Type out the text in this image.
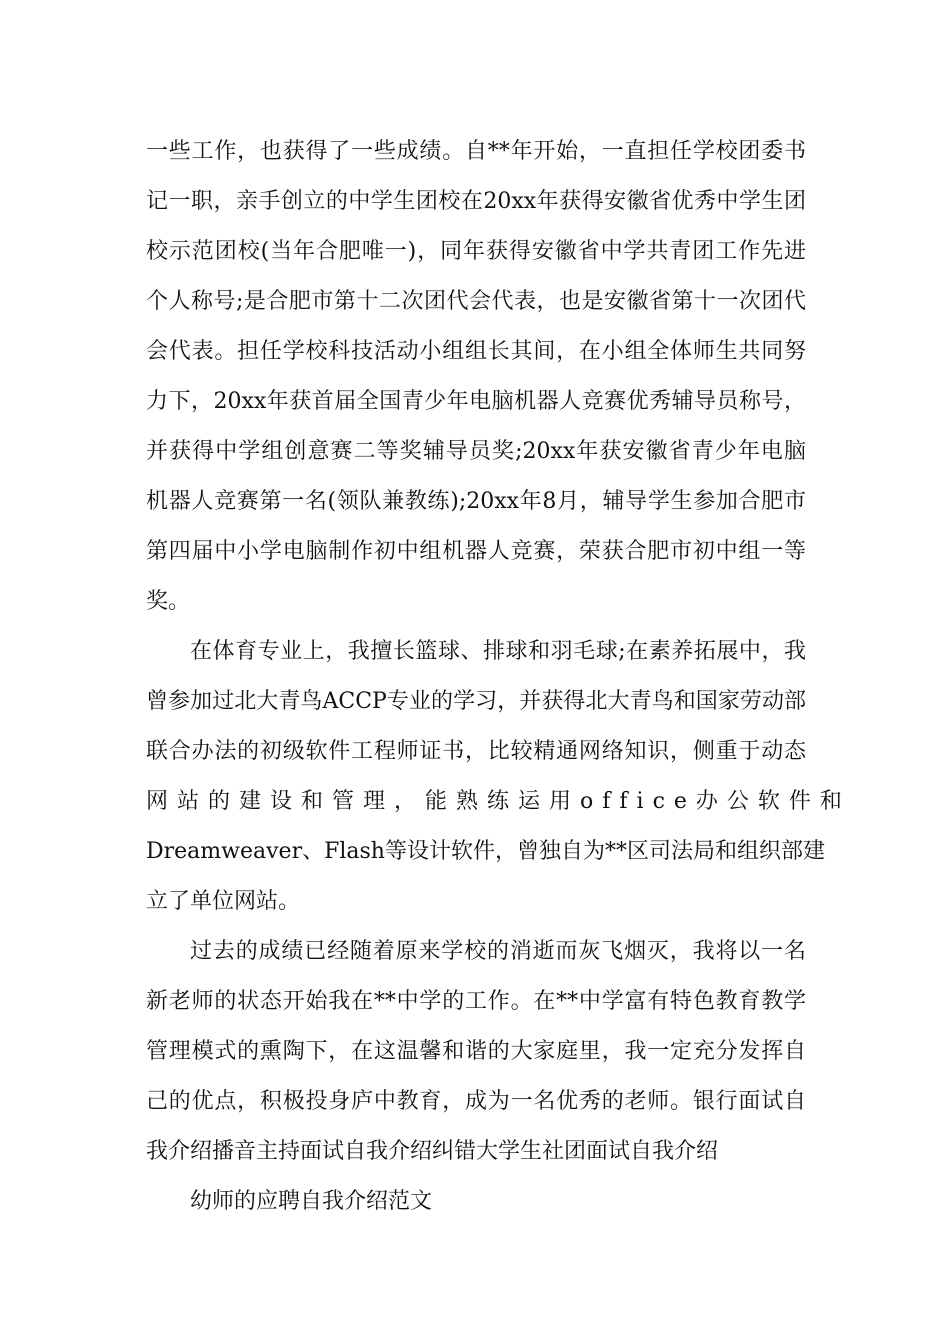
一些工作，也获得了一些成绩。自**年开始，一直担任学校团委书
记一职，亲手创立的中学生团校在20xx年获得安徽省优秀中学生团
校示范团校(当年合肥唯一)，同年获得安徽省中学共青团工作先进
个人称号;是合肥市第十二次团代会代表，也是安徽省第十一次团代
会代表。担任学校科技活动小组组长其间，在小组全体师生共同努
力下，20xx年获首届全国青少年电脑机器人竞赛优秀辅导员称号，
并获得中学组创意赛二等奖辅导员奖;20xx年获安徽省青少年电脑
机器人竞赛第一名(领队兼教练);20xx年8月，辅导学生参加合肥市
第四届中小学电脑制作初中组机器人竞赛，荣获合肥市初中组一等
奖。
在体育专业上，我擅长篮球、排球和羽毛球;在素养拓展中，我
曾参加过北大青鸟ACCP专业的学习，并获得北大青鸟和国家劳动部
联合办法的初级软件工程师证书，比较精通网络知识，侧重于动态
网站的建设和管理，能熟练运用office办公软件和
Dreamweaver、Flash等设计软件，曾独自为**区司法局和组织部建
立了单位网站。
过去的成绩已经随着原来学校的消逝而灰飞烟灭，我将以一名
新老师的状态开始我在**中学的工作。在**中学富有特色教育教学
管理模式的熏陶下，在这温馨和谐的大家庭里，我一定充分发挥自
己的优点，积极投身庐中教育，成为一名优秀的老师。银行面试自
我介绍播音主持面试自我介绍纠错大学生社团面试自我介绍
幼师的应聘自我介绍范文
